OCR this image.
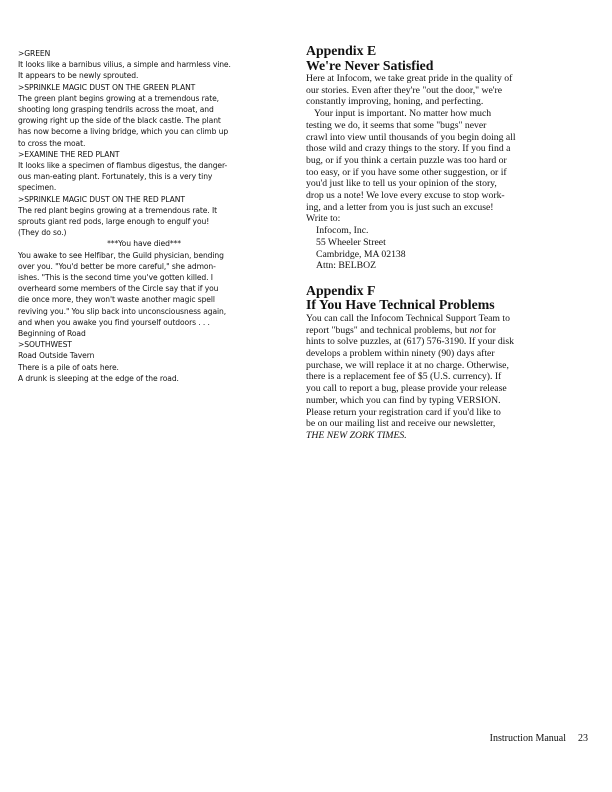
>GREEN
It looks like a barnibus vilius, a simple and harmless vine.
It appears to be newly sprouted.
>SPRINKLE MAGIC DUST ON THE GREEN PLANT
The green plant begins growing at a tremendous rate,
shooting long grasping tendrils across the moat, and
growing right up the side of the black castle. The plant
has now become a living bridge, which you can climb up
to cross the moat.
>EXAMINE THE RED PLANT
It looks like a specimen of flambus digestus, the danger-
ous man-eating plant. Fortunately, this is a very tiny
specimen.
>SPRINKLE MAGIC DUST ON THE RED PLANT
The red plant begins growing at a tremendous rate. It
sprouts giant red pods, large enough to engulf you!
(They do so.)
***You have died***
You awake to see Helfibar, the Guild physician, bending
over you. "You'd better be more careful," she admon-
ishes. "This is the second time you've gotten killed. I
overheard some members of the Circle say that if you
die once more, they won't waste another magic spell
reviving you." You slip back into unconsciousness again,
and when you awake you find yourself outdoors . . .
Beginning of Road
>SOUTHWEST
Road Outside Tavern
There is a pile of oats here.
A drunk is sleeping at the edge of the road.
Appendix E
We're Never Satisfied
Here at Infocom, we take great pride in the quality of
our stories. Even after they're "out the door," we're
constantly improving, honing, and perfecting.
Your input is important. No matter how much
testing we do, it seems that some "bugs" never
crawl into view until thousands of you begin doing all
those wild and crazy things to the story. If you find a
bug, or if you think a certain puzzle was too hard or
too easy, or if you have some other suggestion, or if
you'd just like to tell us your opinion of the story,
drop us a note! We love every excuse to stop work-
ing, and a letter from you is just such an excuse!
Write to:
Infocom, Inc.
55 Wheeler Street
Cambridge, MA 02138
Attn: BELBOZ
Appendix F
If You Have Technical Problems
You can call the Infocom Technical Support Team to
report "bugs" and technical problems, but not for
hints to solve puzzles, at (617) 576-3190. If your disk
develops a problem within ninety (90) days after
purchase, we will replace it at no charge. Otherwise,
there is a replacement fee of $5 (U.S. currency). If
you call to report a bug, please provide your release
number, which you can find by typing VERSION.
Please return your registration card if you'd like to
be on our mailing list and receive our newsletter,
THE NEW ZORK TIMES.
Instruction Manual 23
